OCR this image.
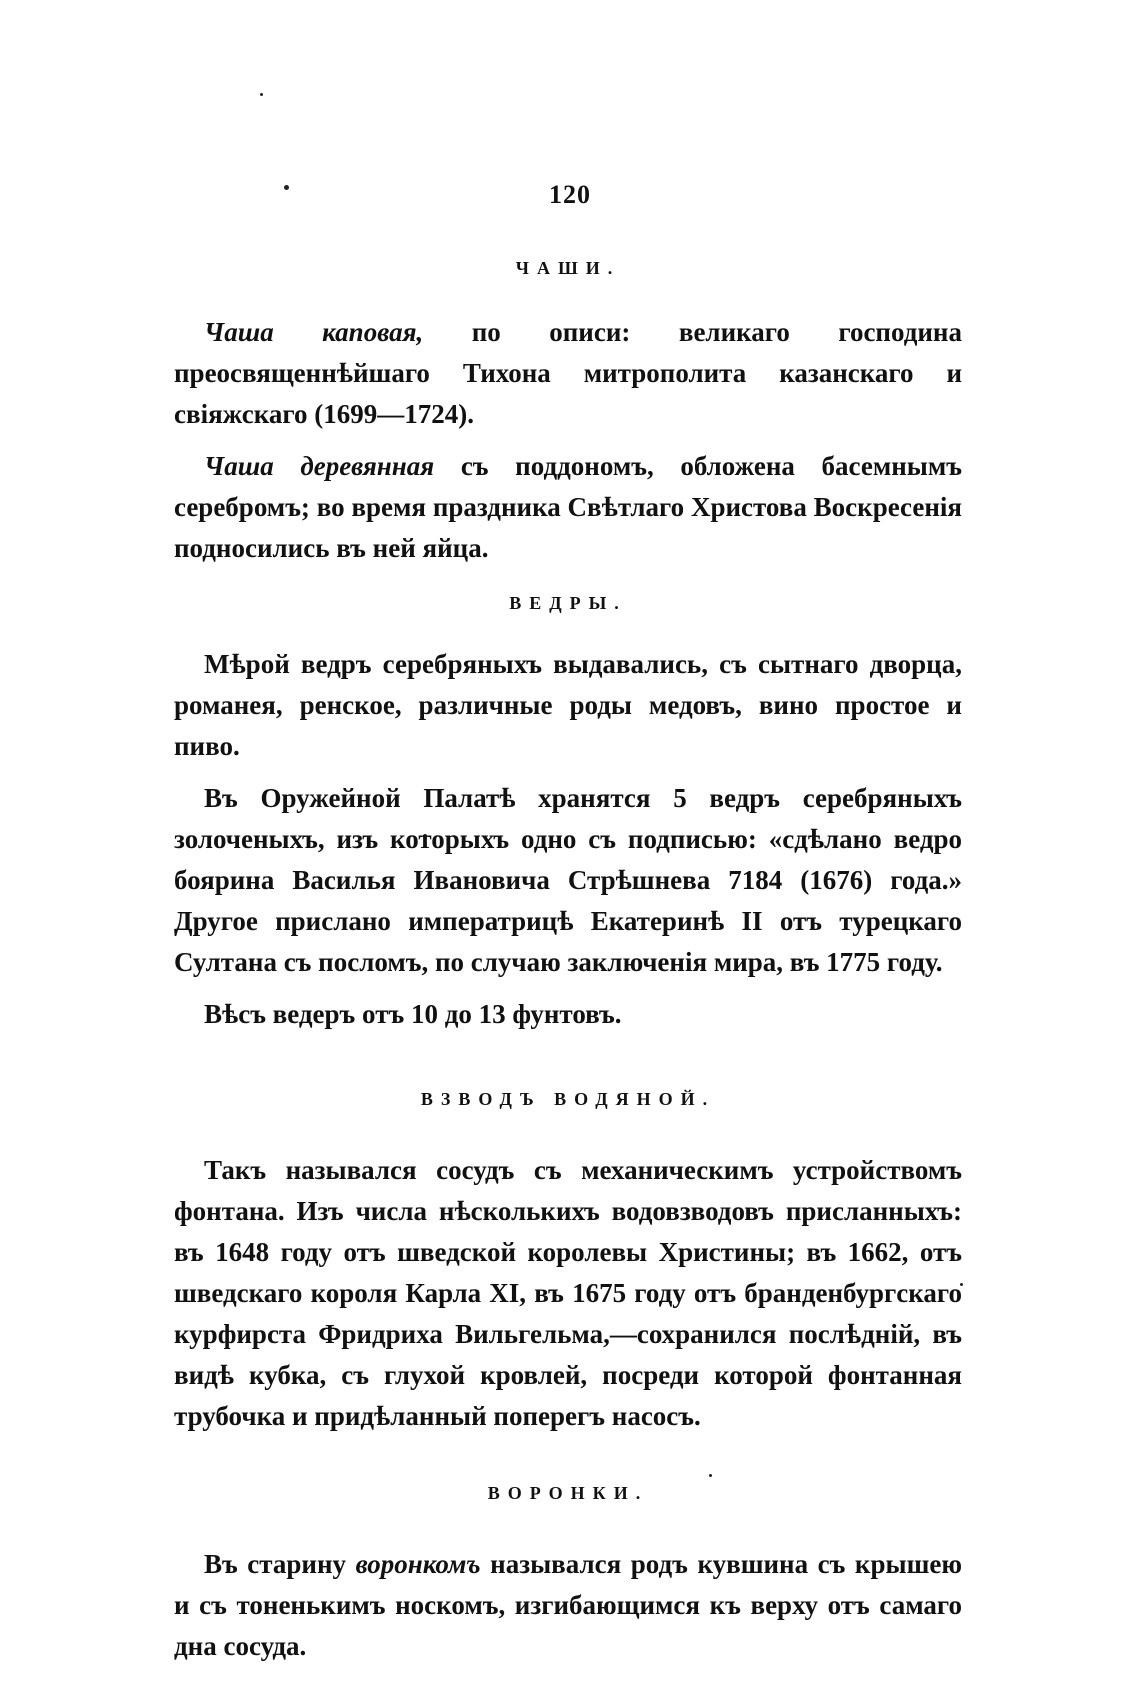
120

ЧАШИ.

Чаша каповая, по описи: великаго господина преосвященнѣйшаго Тихона митрополита казанскаго и свіяжскаго (1699—1724).

Чаша деревянная съ поддономъ, обложена басемнымъ серебромъ; во время праздника Свѣтлаго Христова Воскресенія подносились въ ней яйца.

ВЕДРЫ.

Мѣрой ведръ серебряныхъ выдавались, съ сытнаго дворца, романея, ренское, различные роды медовъ, вино простое и пиво.

Въ Оружейной Палатѣ хранятся 5 ведръ серебряныхъ золоченыхъ, изъ которыхъ одно съ подписью: «сдѣлано ведро боярина Василья Ивановича Стрѣшнева 7184 (1676) года.» Другое прислано императрицѣ Екатеринѣ II отъ турецкаго Султана съ посломъ, по случаю заключенія мира, въ 1775 году.

Вѣсъ ведеръ отъ 10 до 13 фунтовъ.

ВЗВОДЪ ВОДЯНОЙ.

Такъ назывался сосудъ съ механическимъ устройствомъ фонтана. Изъ числа нѣсколькихъ водовзводовъ присланныхъ: въ 1648 году отъ шведской королевы Христины; въ 1662, отъ шведскаго короля Карла XI, въ 1675 году отъ бранденбургскаго курфирста Фридриха Вильгельма,—сохранился послѣдній, въ видѣ кубка, съ глухой кровлей, посреди которой фонтанная трубочка и придѣланный поперегъ насосъ.

ВОРОНКИ.

Въ старину воронкомъ назывался родъ кувшина съ крышею и съ тоненькимъ носкомъ, изгибающимся къ верху отъ самаго дна сосуда.
